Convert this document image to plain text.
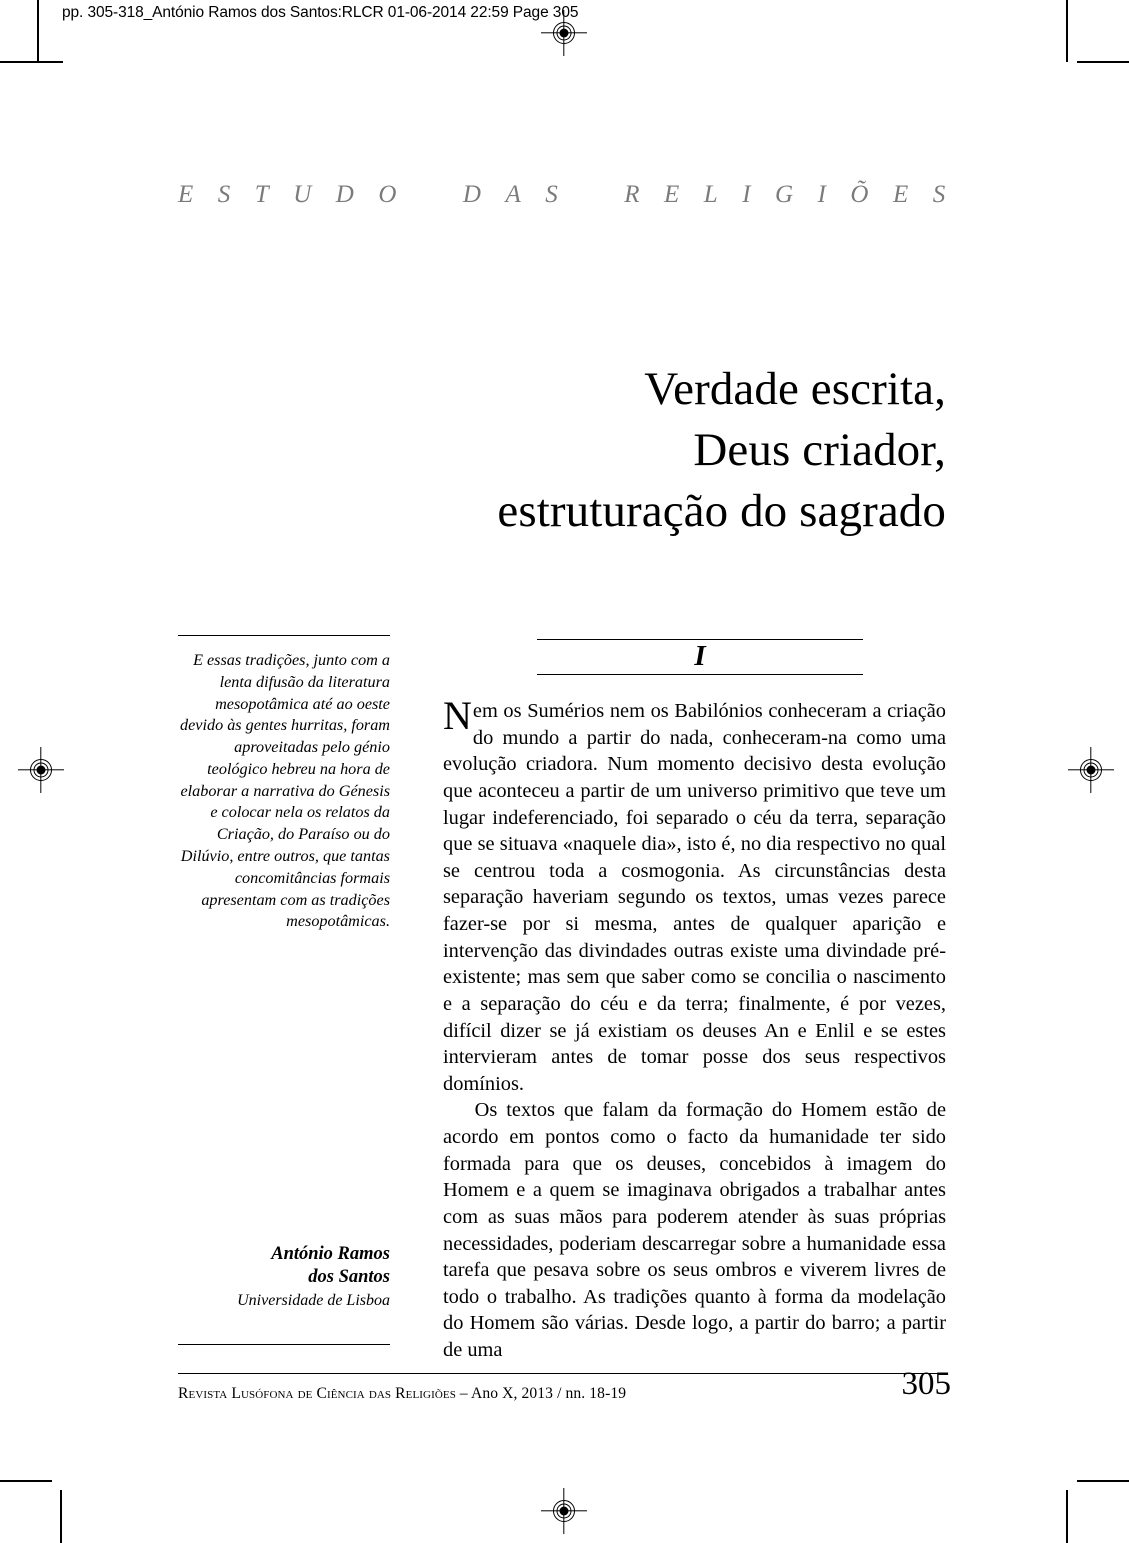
pp. 305-318_António Ramos dos Santos:RLCR 01-06-2014 22:59 Page 305
E S T U D O
	D A S
	R E L I G I Õ E S
Verdade escrita,
Deus criador,
estruturação do sagrado
E essas tradições, junto com a lenta difusão da literatura mesopotâmica até ao oeste devido às gentes hurritas, foram aproveitadas pelo génio teológico hebreu na hora de elaborar a narrativa do Génesis e colocar nela os relatos da Criação, do Paraíso ou do Dilúvio, entre outros, que tantas concomitâncias formais apresentam com as tradições mesopotâmicas.
António Ramos
dos Santos
Universidade de Lisboa
I

Nem os Sumérios nem os Babilónios conheceram a criação do mundo a partir do nada, conheceram-na como uma evolução criadora. Num momento decisivo desta evolução que aconteceu a partir de um universo primitivo que teve um lugar indeferenciado, foi separado o céu da terra, separação que se situava «naquele dia», isto é, no dia respectivo no qual se centrou toda a cosmogonia. As circunstâncias desta separação haveriam segundo os textos, umas vezes parece fazer-se por si mesma, antes de qualquer aparição e intervenção das divindades outras existe uma divindade pré-existente; mas sem que saber como se concilia o nascimento e a separação do céu e da terra; finalmente, é por vezes, difícil dizer se já existiam os deuses An e Enlil e se estes intervieram antes de tomar posse dos seus respectivos domínios.

Os textos que falam da formação do Homem estão de acordo em pontos como o facto da humanidade ter sido formada para que os deuses, concebidos à imagem do Homem e a quem se imaginava obrigados a trabalhar antes com as suas mãos para poderem atender às suas próprias necessidades, poderiam descarregar sobre a humanidade essa tarefa que pesava sobre os seus ombros e viverem livres de todo o trabalho. As tradições quanto à forma da modelação do Homem são várias. Desde logo, a partir do barro; a partir de uma

Revista Lusófona de Ciência das Religiões – Ano X, 2013 / nn. 18-19	305
